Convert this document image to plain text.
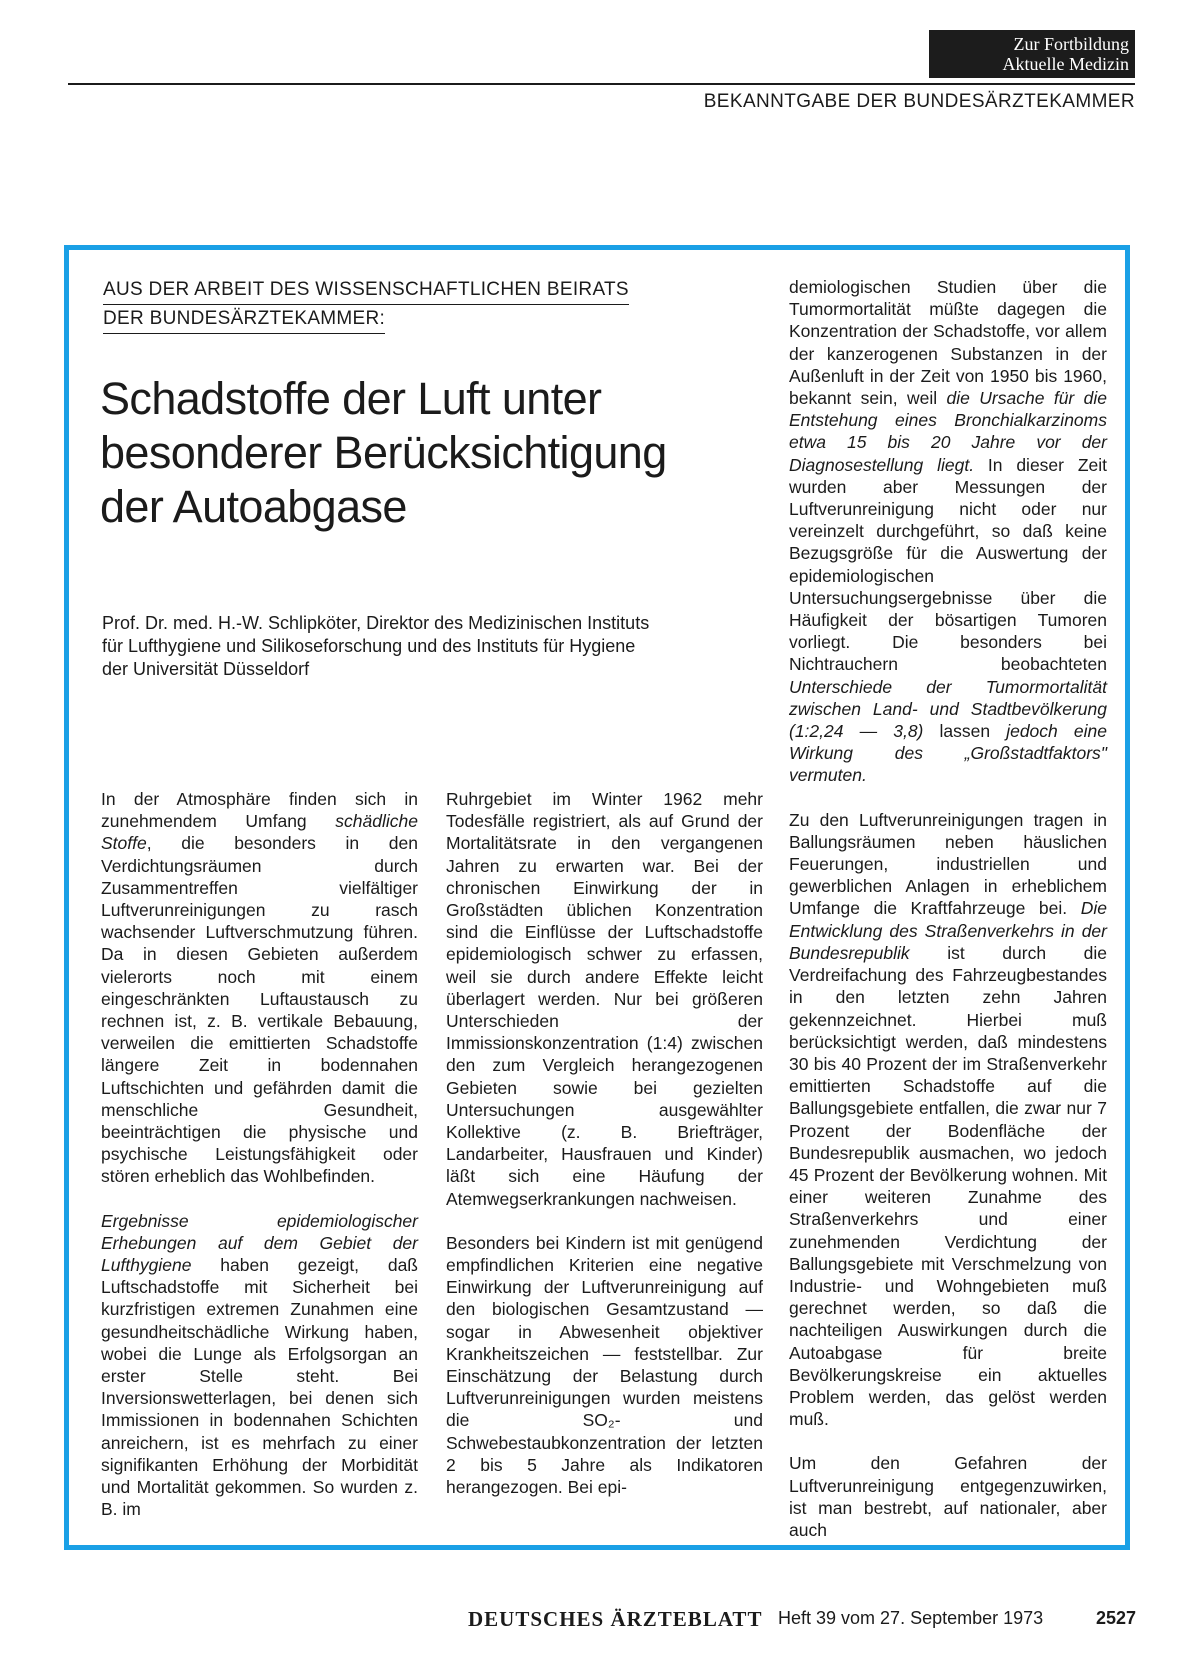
Zur Fortbildung
Aktuelle Medizin
BEKANNTGABE DER BUNDESÄRZTEKAMMER
AUS DER ARBEIT DES WISSENSCHAFTLICHEN BEIRATS
DER BUNDESÄRZTEKAMMER:
Schadstoffe der Luft unter
besonderer Berücksichtigung
der Autoabgase

Prof. Dr. med. H.-W. Schlipköter, Direktor des Medizinischen Instituts
für Lufthygiene und Silikoseforschung und des Instituts für Hygiene
der Universität Düsseldorf

In der Atmosphäre finden sich in zunehmendem Umfang schädliche Stoffe, die besonders in den Verdichtungsräumen durch Zusammentreffen vielfältiger Luftverunreinigungen zu rasch wachsender Luftverschmutzung führen. Da in diesen Gebieten außerdem vielerorts noch mit einem eingeschränkten Luftaustausch zu rechnen ist, z. B. vertikale Bebauung, verweilen die emittierten Schadstoffe längere Zeit in bodennahen Luftschichten und gefährden damit die menschliche Gesundheit, beeinträchtigen die physische und psychische Leistungsfähigkeit oder stören erheblich das Wohlbefinden.

Ergebnisse epidemiologischer Erhebungen auf dem Gebiet der Lufthygiene haben gezeigt, daß Luftschadstoffe mit Sicherheit bei kurzfristigen extremen Zunahmen eine gesundheitschädliche Wirkung haben, wobei die Lunge als Erfolgsorgan an erster Stelle steht. Bei Inversionswetterlagen, bei denen sich Immissionen in bodennahen Schichten anreichern, ist es mehrfach zu einer signifikanten Erhöhung der Morbidität und Mortalität gekommen. So wurden z. B. im

Ruhrgebiet im Winter 1962 mehr Todesfälle registriert, als auf Grund der Mortalitätsrate in den vergangenen Jahren zu erwarten war. Bei der chronischen Einwirkung der in Großstädten üblichen Konzentration sind die Einflüsse der Luftschadstoffe epidemiologisch schwer zu erfassen, weil sie durch andere Effekte leicht überlagert werden. Nur bei größeren Unterschieden der Immissionskonzentration (1:4) zwischen den zum Vergleich herangezogenen Gebieten sowie bei gezielten Untersuchungen ausgewählter Kollektive (z. B. Briefträger, Landarbeiter, Hausfrauen und Kinder) läßt sich eine Häufung der Atemwegserkrankungen nachweisen.

Besonders bei Kindern ist mit genügend empfindlichen Kriterien eine negative Einwirkung der Luftverunreinigung auf den biologischen Gesamtzustand — sogar in Abwesenheit objektiver Krankheitszeichen — feststellbar. Zur Einschätzung der Belastung durch Luftverunreinigungen wurden meistens die SO₂- und Schwebestaubkonzentration der letzten 2 bis 5 Jahre als Indikatoren herangezogen. Bei epi-

demiologischen Studien über die Tumormortalität müßte dagegen die Konzentration der Schadstoffe, vor allem der kanzerogenen Substanzen in der Außenluft in der Zeit von 1950 bis 1960, bekannt sein, weil die Ursache für die Entstehung eines Bronchialkarzinoms etwa 15 bis 20 Jahre vor der Diagnosestellung liegt. In dieser Zeit wurden aber Messungen der Luftverunreinigung nicht oder nur vereinzelt durchgeführt, so daß keine Bezugsgröße für die Auswertung der epidemiologischen Untersuchungsergebnisse über die Häufigkeit der bösartigen Tumoren vorliegt. Die besonders bei Nichtrauchern beobachteten Unterschiede der Tumormortalität zwischen Land- und Stadtbevölkerung (1:2,24 — 3,8) lassen jedoch eine Wirkung des „Großstadtfaktors" vermuten.

Zu den Luftverunreinigungen tragen in Ballungsräumen neben häuslichen Feuerungen, industriellen und gewerblichen Anlagen in erheblichem Umfange die Kraftfahrzeuge bei. Die Entwicklung des Straßenverkehrs in der Bundesrepublik ist durch die Verdreifachung des Fahrzeugbestandes in den letzten zehn Jahren gekennzeichnet. Hierbei muß berücksichtigt werden, daß mindestens 30 bis 40 Prozent der im Straßenverkehr emittierten Schadstoffe auf die Ballungsgebiete entfallen, die zwar nur 7 Prozent der Bodenfläche der Bundesrepublik ausmachen, wo jedoch 45 Prozent der Bevölkerung wohnen. Mit einer weiteren Zunahme des Straßenverkehrs und einer zunehmenden Verdichtung der Ballungsgebiete mit Verschmelzung von Industrie- und Wohngebieten muß gerechnet werden, so daß die nachteiligen Auswirkungen durch die Autoabgase für breite Bevölkerungskreise ein aktuelles Problem werden, das gelöst werden muß.

Um den Gefahren der Luftverunreinigung entgegenzuwirken, ist man bestrebt, auf nationaler, aber auch

DEUTSCHES ÄRZTEBLATT Heft 39 vom 27. September 1973	2527
